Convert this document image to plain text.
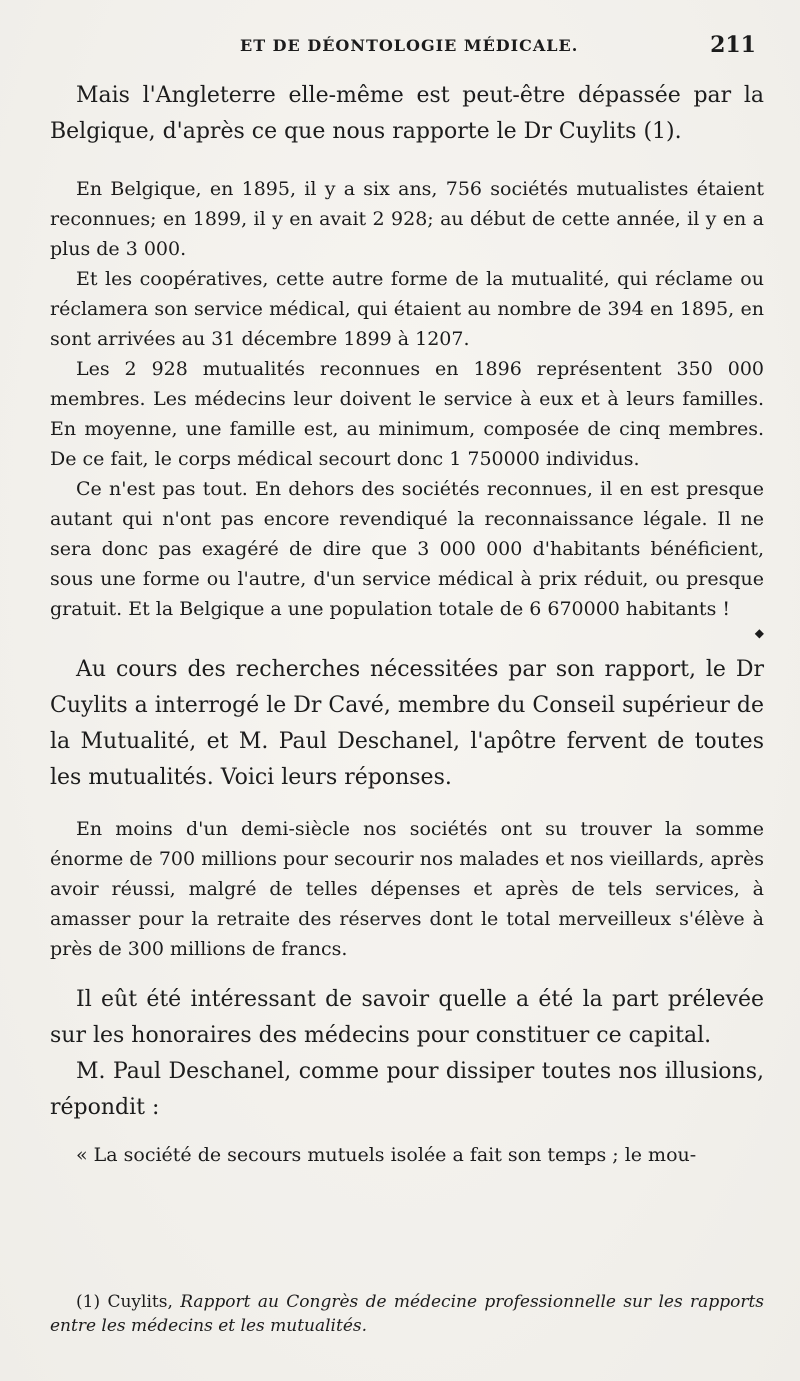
ET DE DÉONTOLOGIE MÉDICALE.	211

Mais l'Angleterre elle-même est peut-être dépassée par la Belgique, d'après ce que nous rapporte le Dr Cuylits (1).

En Belgique, en 1895, il y a six ans, 756 sociétés mutualistes étaient reconnues; en 1899, il y en avait 2 928; au début de cette année, il y en a plus de 3 000.

Et les coopératives, cette autre forme de la mutualité, qui réclame ou réclamera son service médical, qui étaient au nombre de 394 en 1895, en sont arrivées au 31 décembre 1899 à 1207.

Les 2 928 mutualités reconnues en 1896 représentent 350 000 membres. Les médecins leur doivent le service à eux et à leurs familles. En moyenne, une famille est, au minimum, composée de cinq membres. De ce fait, le corps médical secourt donc 1 750000 individus.

Ce n'est pas tout. En dehors des sociétés reconnues, il en est presque autant qui n'ont pas encore revendiqué la reconnaissance légale. Il ne sera donc pas exagéré de dire que 3 000 000 d'habitants bénéficient, sous une forme ou l'autre, d'un service médical à prix réduit, ou presque gratuit. Et la Belgique a une population totale de 6 670000 habitants !

◆

Au cours des recherches nécessitées par son rapport, le Dr Cuylits a interrogé le Dr Cavé, membre du Conseil supérieur de la Mutualité, et M. Paul Deschanel, l'apôtre fervent de toutes les mutualités. Voici leurs réponses.

En moins d'un demi-siècle nos sociétés ont su trouver la somme énorme de 700 millions pour secourir nos malades et nos vieillards, après avoir réussi, malgré de telles dépenses et après de tels services, à amasser pour la retraite des réserves dont le total merveilleux s'élève à près de 300 millions de francs.

Il eût été intéressant de savoir quelle a été la part prélevée sur les honoraires des médecins pour constituer ce capital.

M. Paul Deschanel, comme pour dissiper toutes nos illusions, répondit :

« La société de secours mutuels isolée a fait son temps ; le mou-

(1) Cuylits, Rapport au Congrès de médecine professionnelle sur les rapports entre les médecins et les mutualités.
